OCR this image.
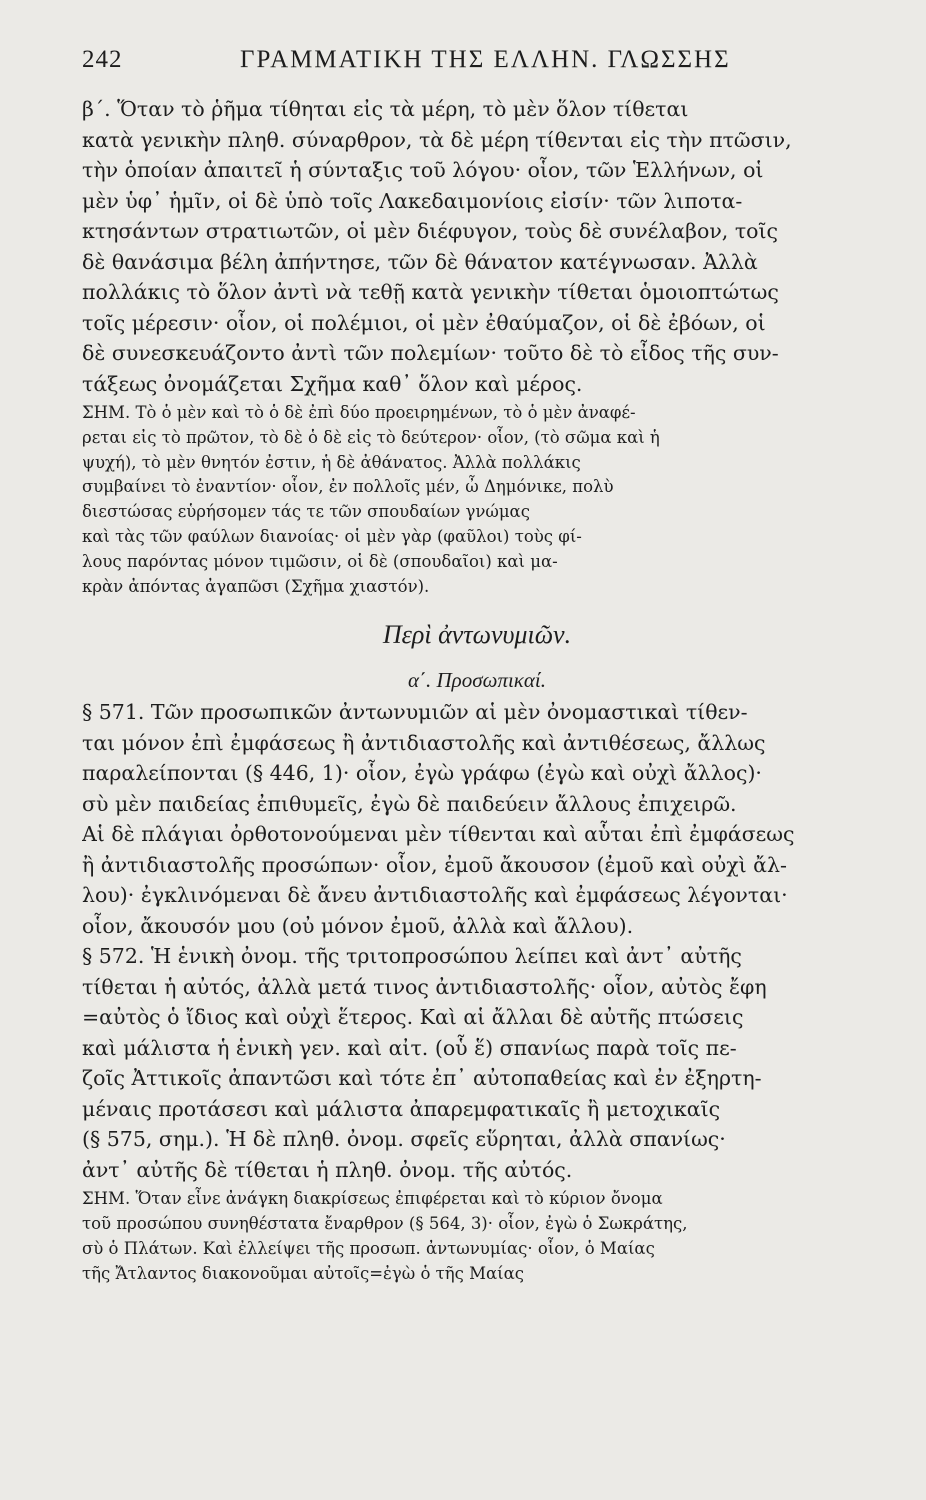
242	ΓΡΑΜΜΑΤΙΚΗ ΤΗΣ ΕΛΛΗΝ. ΓΛΩΣΣΗΣ
β΄. Ὅταν τὸ ῥῆμα τίθηται εἰς τὰ μέρη, τὸ μὲν ὅλον τίθεται
κατὰ γενικὴν πληθ. σύναρθρον, τὰ δὲ μέρη τίθενται εἰς τὴν πτῶσιν,
τὴν ὁποίαν ἀπαιτεῖ ἡ σύνταξις τοῦ λόγου· οἷον, τῶν Ἑλλήνων, οἱ
μὲν ὑφ᾽ ἡμῖν, οἱ δὲ ὑπὸ τοῖς Λακεδαιμονίοις εἰσίν· τῶν λιποτα-
κτησάντων στρατιωτῶν, οἱ μὲν διέφυγον, τοὺς δὲ συνέλαβον, τοῖς
δὲ θανάσιμα βέλη ἀπήντησε, τῶν δὲ θάνατον κατέγνωσαν. Ἀλλὰ
πολλάκις τὸ ὅλον ἀντὶ νὰ τεθῇ κατὰ γενικὴν τίθεται ὁμοιοπτώτως
τοῖς μέρεσιν· οἷον, οἱ πολέμιοι, οἱ μὲν ἐθαύμαζον, οἱ δὲ ἐβόων, οἱ
δὲ συνεσκευάζοντο ἀντὶ τῶν πολεμίων· τοῦτο δὲ τὸ εἶδος τῆς συν-
τάξεως ὀνομάζεται Σχῆμα καθ᾽ ὅλον καὶ μέρος.
ΣΗΜ. Τὸ ὁ μὲν καὶ τὸ ὁ δὲ ἐπὶ δύο προειρημένων, τὸ ὁ μὲν ἀναφέ-
ρεται εἰς τὸ πρῶτον, τὸ δὲ ὁ δὲ εἰς τὸ δεύτερον· οἷον, (τὸ σῶμα καὶ ἡ
ψυχή), τὸ μὲν θνητόν ἐστιν, ἡ δὲ ἀθάνατος. Ἀλλὰ πολλάκις
συμβαίνει τὸ ἐναντίον· οἷον, ἐν πολλοῖς μέν, ὦ Δημόνικε, πολὺ
διεστώσας εὑρήσομεν τάς τε τῶν σπουδαίων γνώμας
καὶ τὰς τῶν φαύλων διανοίας· οἱ μὲν γὰρ (φαῦλοι) τοὺς φί-
λους παρόντας μόνον τιμῶσιν, οἱ δὲ (σπουδαῖοι) καὶ μα-
κρὰν ἀπόντας ἀγαπῶσι (Σχῆμα χιαστόν).

Περὶ ἀντωνυμιῶν.

α΄. Προσωπικαί.

§ 571. Τῶν προσωπικῶν ἀντωνυμιῶν αἱ μὲν ὀνομαστικαὶ τίθεν-
ται μόνον ἐπὶ ἐμφάσεως ἢ ἀντιδιαστολῆς καὶ ἀντιθέσεως, ἄλλως
παραλείπονται (§ 446, 1)· οἷον, ἐγὼ γράφω (ἐγὼ καὶ οὐχὶ ἄλλος)·
σὺ μὲν παιδείας ἐπιθυμεῖς, ἐγὼ δὲ παιδεύειν ἄλλους ἐπιχειρῶ.
Αἱ δὲ πλάγιαι ὀρθοτονούμεναι μὲν τίθενται καὶ αὗται ἐπὶ ἐμφάσεως
ἢ ἀντιδιαστολῆς προσώπων· οἷον, ἐμοῦ ἄκουσον (ἐμοῦ καὶ οὐχὶ ἄλ-
λου)· ἐγκλινόμεναι δὲ ἄνευ ἀντιδιαστολῆς καὶ ἐμφάσεως λέγονται·
οἷον, ἄκουσόν μου (οὐ μόνον ἐμοῦ, ἀλλὰ καὶ ἄλλου).
§ 572. Ἡ ἑνικὴ ὀνομ. τῆς τριτοπροσώπου λείπει καὶ ἀντ᾽ αὐτῆς
τίθεται ἡ αὐτός, ἀλλὰ μετά τινος ἀντιδιαστολῆς· οἷον, αὐτὸς ἔφη
=αὐτὸς ὁ ἴδιος καὶ οὐχὶ ἕτερος. Καὶ αἱ ἄλλαι δὲ αὐτῆς πτώσεις
καὶ μάλιστα ἡ ἑνικὴ γεν. καὶ αἰτ. (οὗ ἕ) σπανίως παρὰ τοῖς πε-
ζοῖς Ἀττικοῖς ἀπαντῶσι καὶ τότε ἐπ᾽ αὐτοπαθείας καὶ ἐν ἐξηρτη-
μέναις προτάσεσι καὶ μάλιστα ἀπαρεμφατικαῖς ἢ μετοχικαῖς
(§ 575, σημ.). Ἡ δὲ πληθ. ὀνομ. σφεῖς εὕρηται, ἀλλὰ σπανίως·
ἀντ᾽ αὐτῆς δὲ τίθεται ἡ πληθ. ὀνομ. τῆς αὐτός.
ΣΗΜ. Ὅταν εἶνε ἀνάγκη διακρίσεως ἐπιφέρεται καὶ τὸ κύριον ὄνομα
τοῦ προσώπου συνηθέστατα ἔναρθρον (§ 564, 3)· οἷον, ἐγὼ ὁ Σωκράτης,
σὺ ὁ Πλάτων. Καὶ ἐλλείψει τῆς προσωπ. ἀντωνυμίας· οἷον, ὁ Μαίας
τῆς Ἄτλαντος διακονοῦμαι αὐτοῖς=ἐγὼ ὁ τῆς Μαίας
